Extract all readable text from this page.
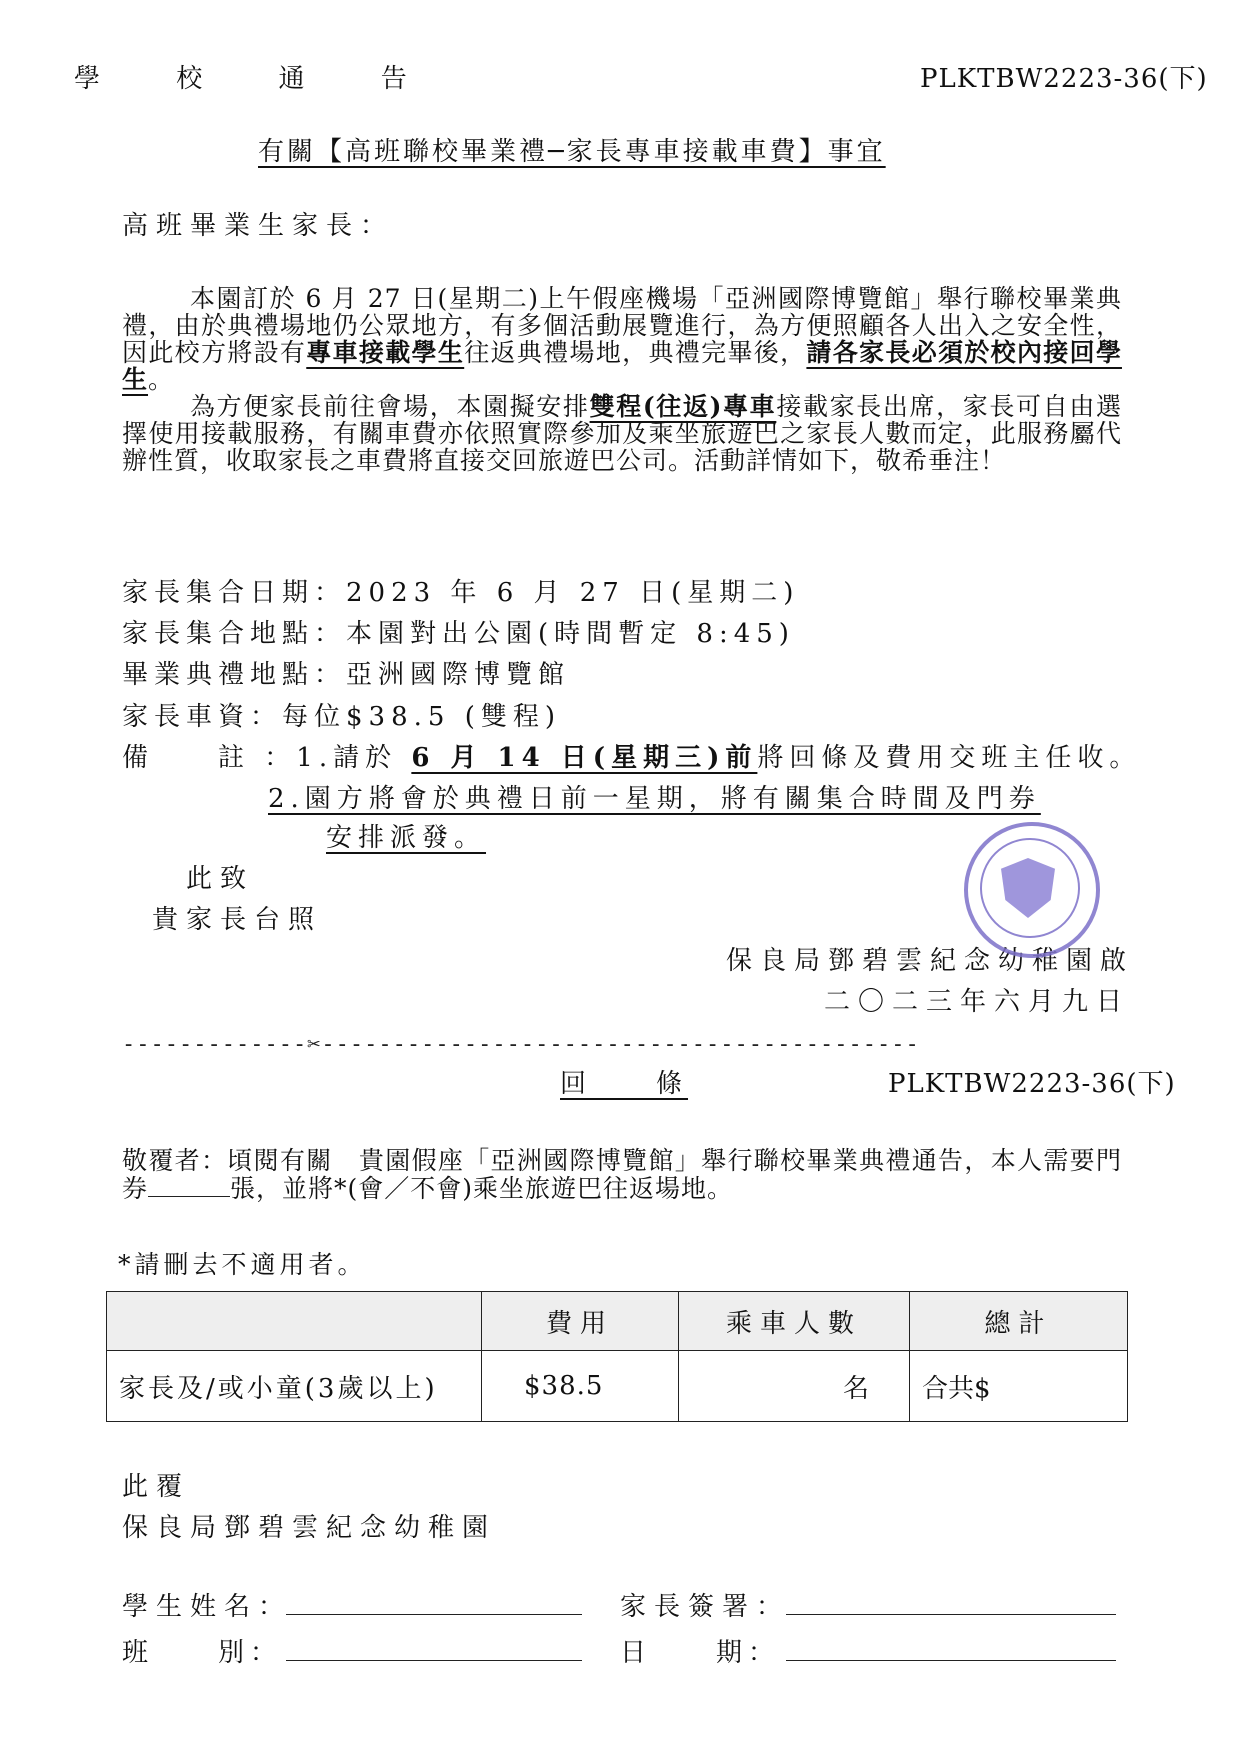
學 校 通 告	PLKTBW2223-36(下)
有關【高班聯校畢業禮─家長專車接載車費】事宜
高班畢業生家長：

本園訂於 6 月 27 日(星期二)上午假座機場「亞洲國際博覽館」舉行聯校畢業典禮，由於典禮場地仍公眾地方，有多個活動展覽進行，為方便照顧各人出入之安全性，因此校方將設有專車接載學生往返典禮場地，典禮完畢後，請各家長必須於校內接回學生。

為方便家長前往會場，本園擬安排雙程(往返)專車接載家長出席，家長可自由選擇使用接載服務，有關車費亦依照實際參加及乘坐旅遊巴之家長人數而定，此服務屬代辦性質，收取家長之車費將直接交回旅遊巴公司。活動詳情如下，敬希垂注！

家長集合日期：2023 年 6 月 27 日(星期二)
家長集合地點：本園對出公園(時間暫定 8:45)
畢業典禮地點：亞洲國際博覽館
家長車資：每位$38.5 (雙程)
備　　註 ：1.請於 6 月 14 日(星期三)前將回條及費用交班主任收。
2.園方將會於典禮日前一星期，將有關集合時間及門券
安排派發。
此致
貴家長台照
保良局鄧碧雲紀念幼稚園啟
二〇二三年六月九日
-------------✂------------------------------------------
回　　條	PLKTBW2223-36(下)

敬覆者：頃閱有關　貴園假座「亞洲國際博覽館」舉行聯校畢業典禮通告，本人需要門券	張，並將*(會／不會)乘坐旅遊巴往返場地。

*請刪去不適用者。
	費用	乘車人數	總計
家長及/或小童(3歲以上)	$38.5	名	合共$
此覆
保良局鄧碧雲紀念幼稚園
學生姓名：	家長簽署：
班　　別：	日　　期：
